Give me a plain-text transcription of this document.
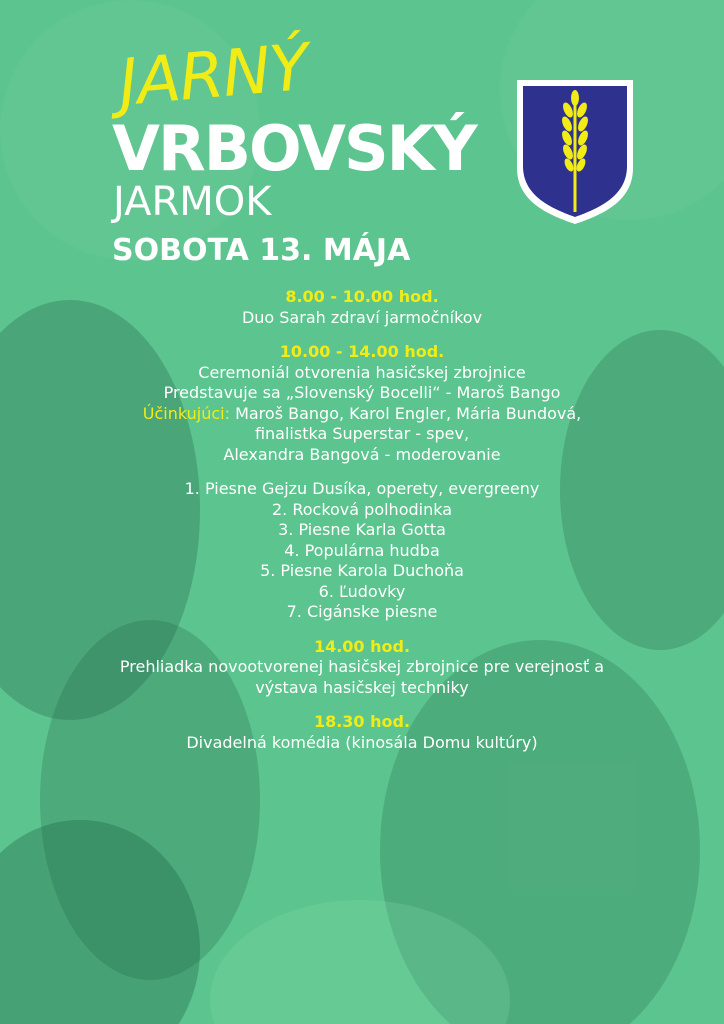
JARNÝ
VRBOVSKÝ
JARMOK
SOBOTA 13. MÁJA
8.00 - 10.00 hod.
Duo Sarah zdraví jarmočníkov
10.00 - 14.00 hod.
Ceremoniál otvorenia hasičskej zbrojnice
Predstavuje sa „Slovenský Bocelli“ - Maroš Bango
Účinkujúci: Maroš Bango, Karol Engler, Mária Bundová,
finalistka Superstar - spev,
Alexandra Bangová - moderovanie
1. Piesne Gejzu Dusíka, operety, evergreeny
2. Rocková polhodinka
3. Piesne Karla Gotta
4. Populárna hudba
5. Piesne Karola Duchoňa
6. Ľudovky
7. Cigánske piesne
14.00 hod.
Prehliadka novootvorenej hasičskej zbrojnice pre verejnosť a
výstava hasičskej techniky
18.30 hod.
Divadelná komédia (kinosála Domu kultúry)
